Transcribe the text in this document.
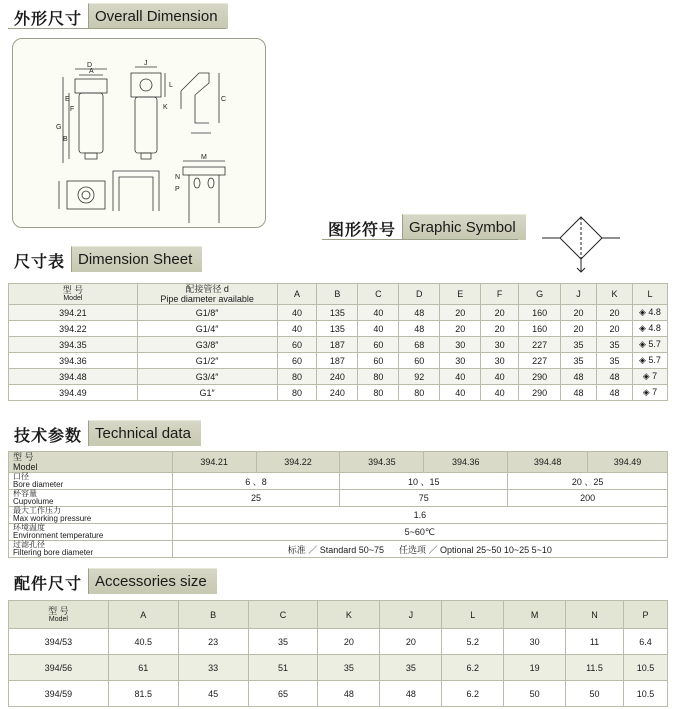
外形尺寸 Overall Dimension
D
A
E
F
B
G
J
K
L
C
M
N
P
图形符号 Graphic Symbol
尺寸表 Dimension Sheet
型 号
Model	配接管径 d
Pipe diameter available	A	B	C	D	E	F	G	J	K	L
394.21	G1/8″	40	135	40	48	20	20	160	20	20	◈ 4.8
394.22	G1/4″	40	135	40	48	20	20	160	20	20	◈ 4.8
394.35	G3/8″	60	187	60	68	30	30	227	35	35	◈ 5.7
394.36	G1/2″	60	187	60	60	30	30	227	35	35	◈ 5.7
394.48	G3/4″	80	240	80	92	40	40	290	48	48	◈ 7
394.49	G1″	80	240	80	80	40	40	290	48	48	◈ 7
技术参数 Technical data
型 号
Model	394.21	394.22	394.35	394.36	394.48	394.49
口径
Bore diameter	6 、8		10 、15		20 、25	
杯容量
Cupvolume	25		75		200	
最大工作压力
Max working pressure	1.6					
环境温度
Environment temperature	5~60℃					
过滤孔径
Filtering bore diameter	标准 ／ Standard 50~75      任选项 ／ Optional 25~50 10~25 5~10					
配件尺寸 Accessories size
型 号
Model	A	B	C	K	J	L	M	N	P
394/53	40.5	23	35	20	20	5.2	30	11	6.4
394/56	61	33	51	35	35	6.2	19	11.5	10.5
394/59	81.5	45	65	48	48	6.2	50	50	10.5
